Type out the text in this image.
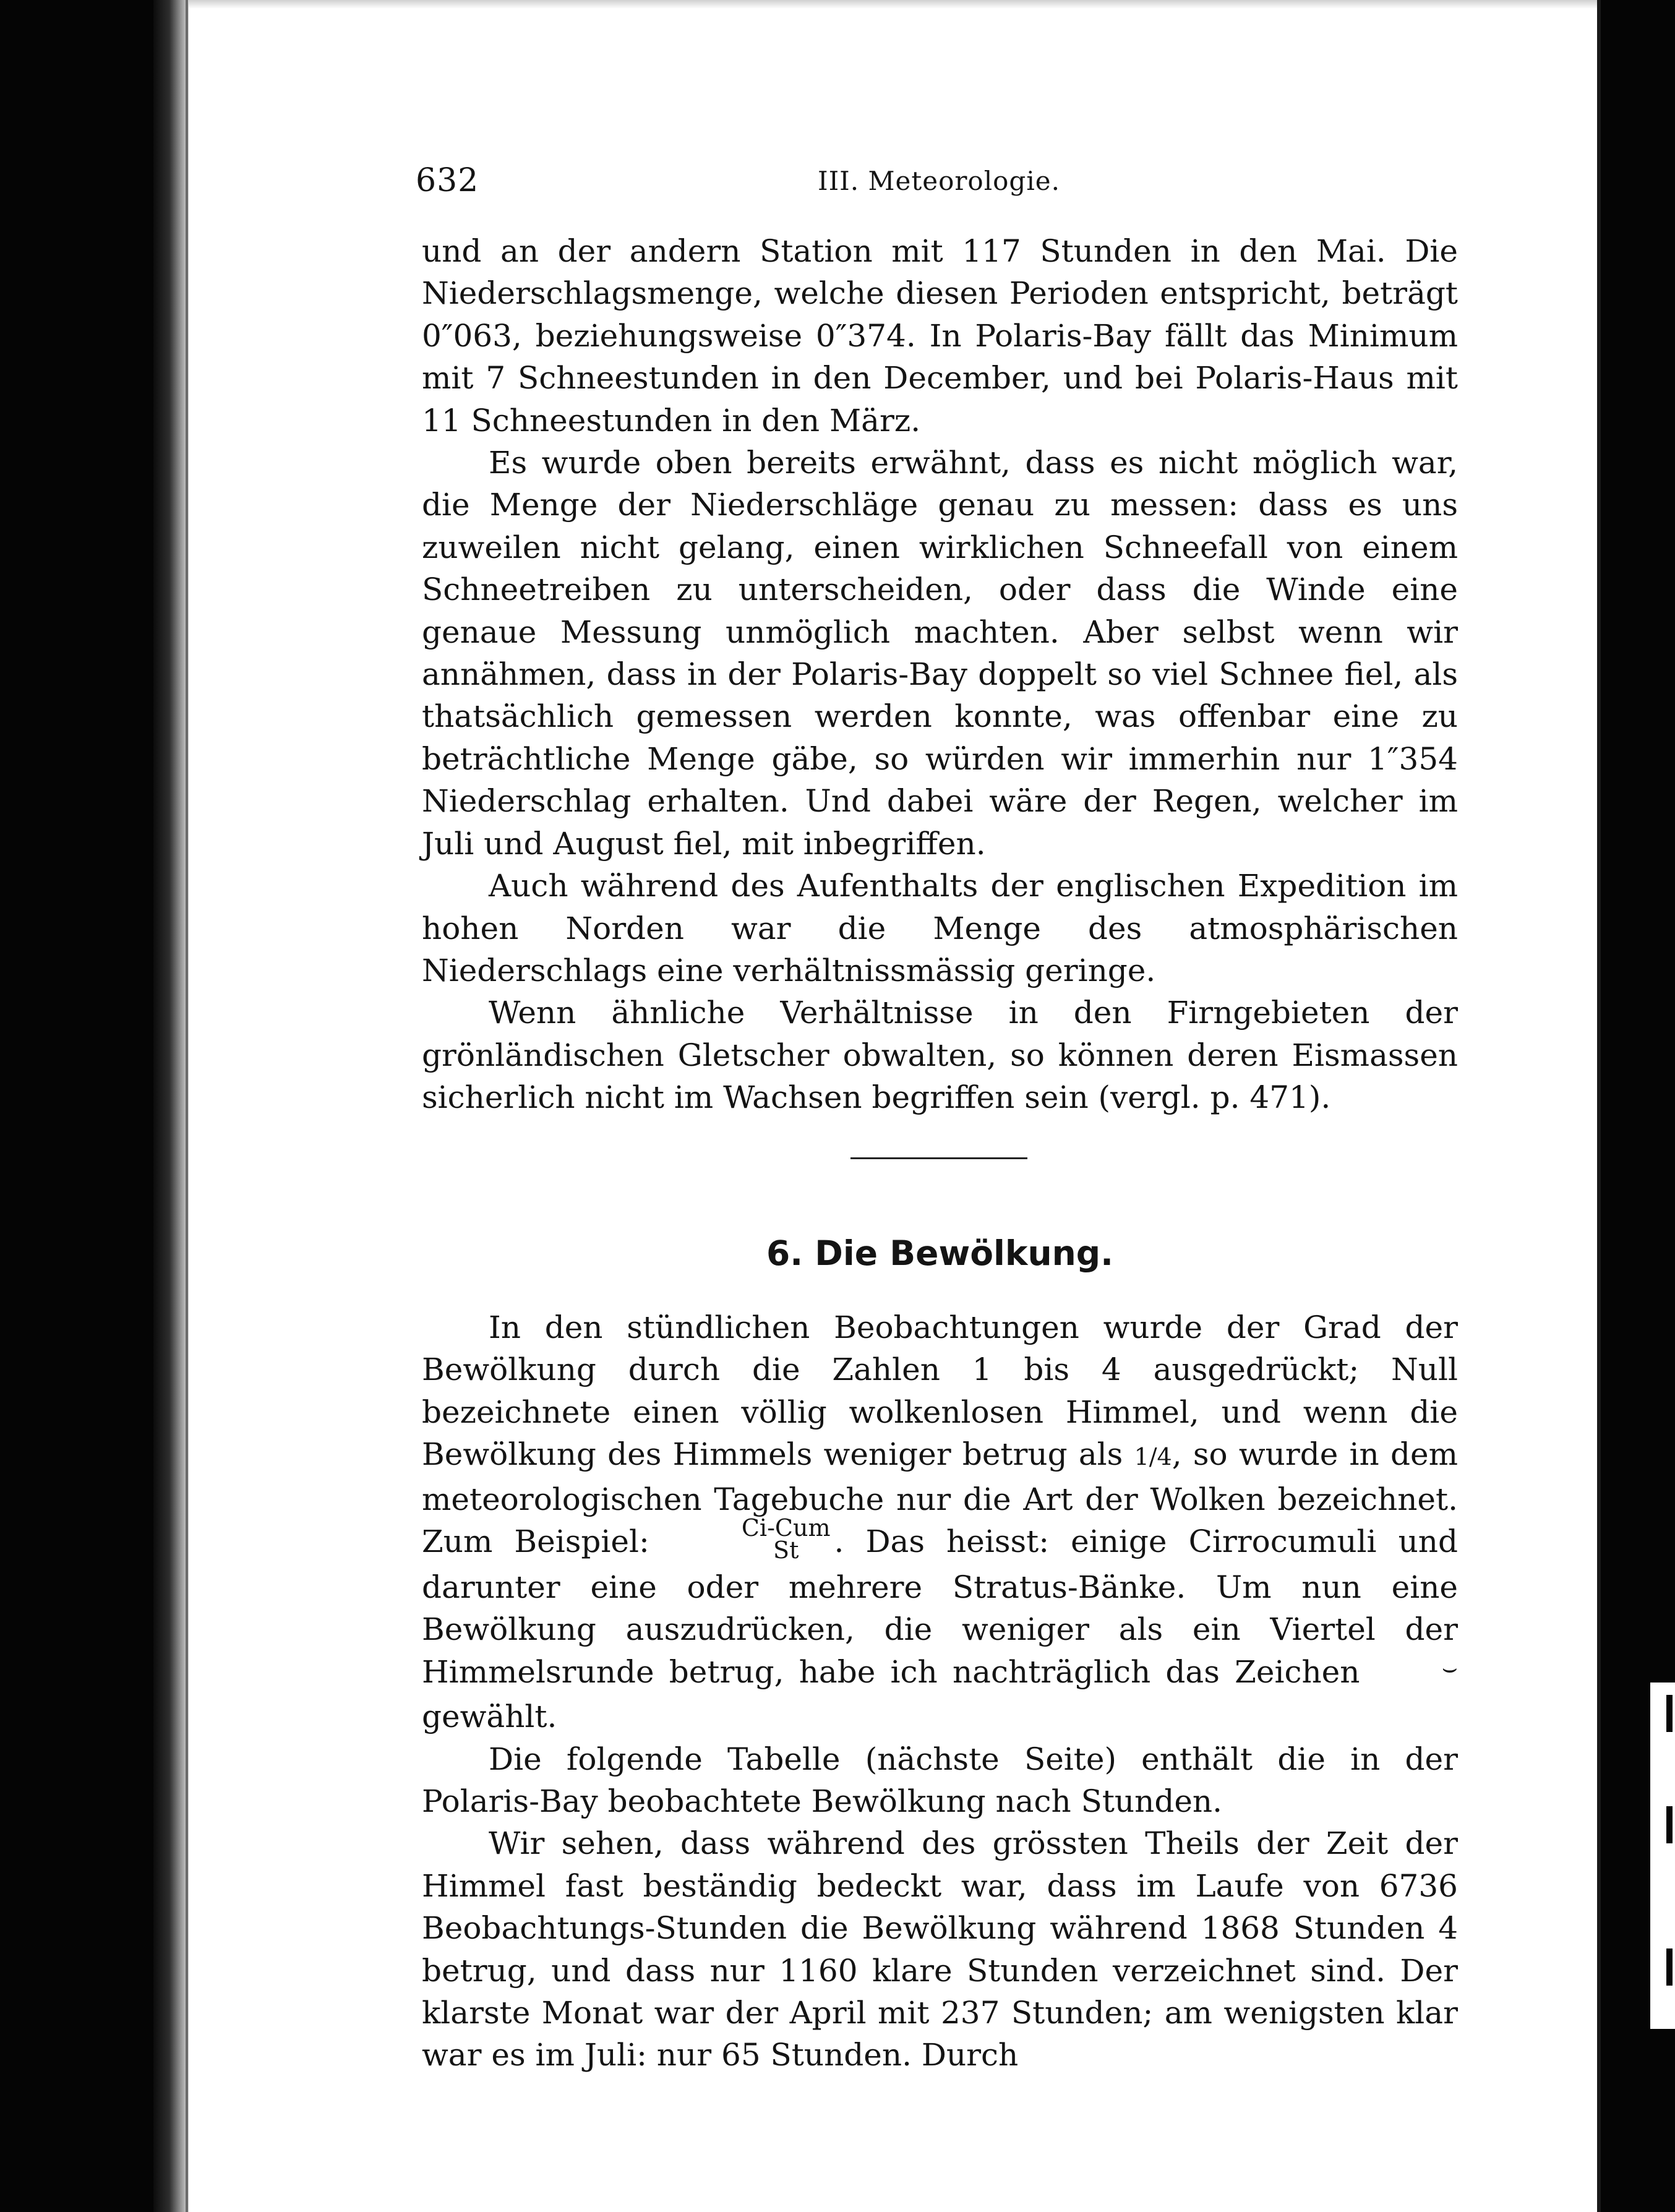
632	III. Meteorologie.

und an der andern Station mit 117 Stunden in den Mai. Die Niederschlagsmenge, welche diesen Perioden entspricht, beträgt 0″063, beziehungsweise 0″374. In Polaris-Bay fällt das Minimum mit 7 Schneestunden in den December, und bei Polaris-Haus mit 11 Schneestunden in den März.

Es wurde oben bereits erwähnt, dass es nicht möglich war, die Menge der Niederschläge genau zu messen: dass es uns zuweilen nicht gelang, einen wirklichen Schneefall von einem Schneetreiben zu unterscheiden, oder dass die Winde eine genaue Messung unmöglich machten. Aber selbst wenn wir annähmen, dass in der Polaris-Bay doppelt so viel Schnee fiel, als thatsächlich gemessen werden konnte, was offenbar eine zu beträchtliche Menge gäbe, so würden wir immerhin nur 1″354 Niederschlag erhalten. Und dabei wäre der Regen, welcher im Juli und August fiel, mit inbegriffen.

Auch während des Aufenthalts der englischen Expedition im hohen Norden war die Menge des atmosphärischen Niederschlags eine verhältnissmässig geringe.

Wenn ähnliche Verhältnisse in den Firngebieten der grönländischen Gletscher obwalten, so können deren Eismassen sicherlich nicht im Wachsen begriffen sein (vergl. p. 471).

6. Die Bewölkung.

In den stündlichen Beobachtungen wurde der Grad der Bewölkung durch die Zahlen 1 bis 4 ausgedrückt; Null bezeichnete einen völlig wolkenlosen Himmel, und wenn die Bewölkung des Himmels weniger betrug als 1/4, so wurde in dem meteorologischen Tagebuche nur die Art der Wolken bezeichnet. Zum Beispiel:	Ci-Cum
St	. Das heisst: einige Cirrocumuli und darunter eine oder mehrere Stratus-Bänke. Um nun eine Bewölkung auszudrücken, die weniger als ein Viertel der Himmelsrunde betrug, habe ich nachträglich das Zeichen	⌣ gewählt.

Die folgende Tabelle (nächste Seite) enthält die in der Polaris-Bay beobachtete Bewölkung nach Stunden.

Wir sehen, dass während des grössten Theils der Zeit der Himmel fast beständig bedeckt war, dass im Laufe von 6736 Beobachtungs-Stunden die Bewölkung während 1868 Stunden 4 betrug, und dass nur 1160 klare Stunden verzeichnet sind. Der klarste Monat war der April mit 237 Stunden; am wenigsten klar war es im Juli: nur 65 Stunden. Durch
